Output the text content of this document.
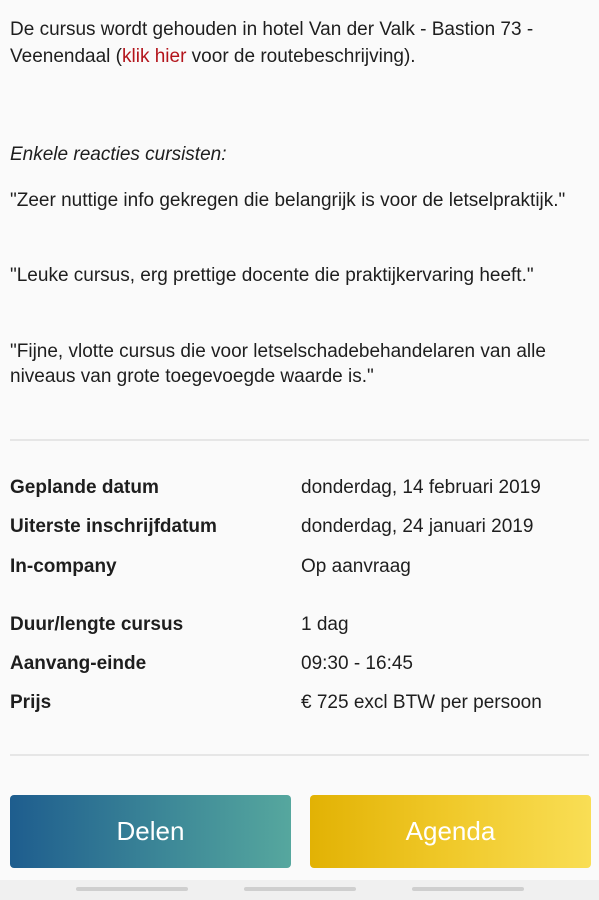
De cursus wordt gehouden in hotel Van der Valk - Bastion 73 - Veenendaal (klik hier voor de routebeschrijving).

Enkele reacties cursisten:

"Zeer nuttige info gekregen die belangrijk is voor de letselpraktijk."

"Leuke cursus, erg prettige docente die praktijkervaring heeft."

"Fijne, vlotte cursus die voor letselschadebehandelaren van alle niveaus van grote toegevoegde waarde is."

Geplande datum	donderdag, 14 februari 2019
Uiterste inschrijfdatum	donderdag, 24 januari 2019
In-company	Op aanvraag
Duur/lengte cursus	1 dag
Aanvang-einde	09:30 - 16:45
Prijs	€ 725 excl BTW per persoon
Delen	Agenda
